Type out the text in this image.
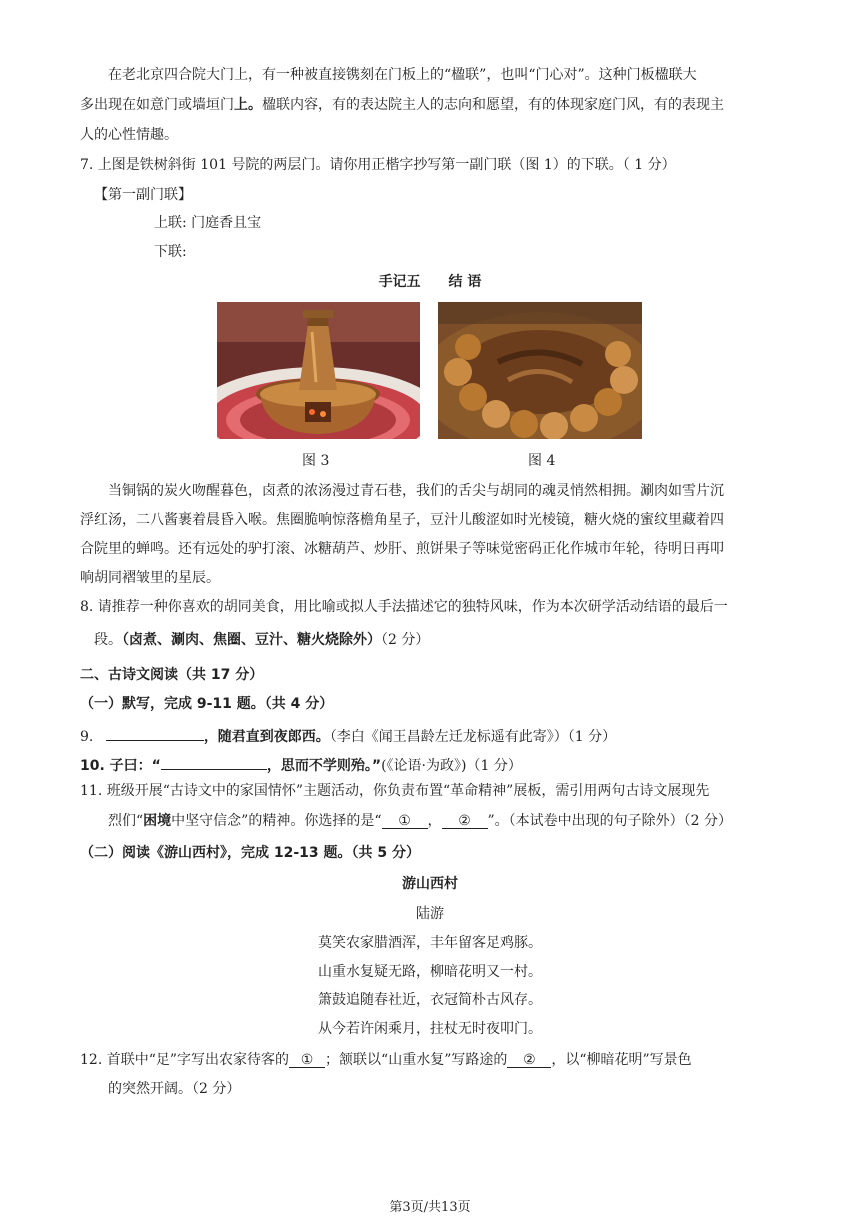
在老北京四合院大门上，有一种被直接镌刻在门板上的“楹联”，也叫“门心对”。这种门板楹联大
多出现在如意门或墙垣门上。楹联内容，有的表达院主人的志向和愿望，有的体现家庭门风，有的表现主
人的心性情趣。
7. 上图是铁树斜街 101 号院的两层门。请你用正楷字抄写第一副门联（图 1）的下联。（ 1 分）
【第一副门联】
上联: 门庭香且宝
下联:
手记五　　结 语
图 3	图 4
当铜锅的炭火吻醒暮色，卤煮的浓汤漫过青石巷，我们的舌尖与胡同的魂灵悄然相拥。涮肉如雪片沉
浮红汤，二八酱裹着晨昏入喉。焦圈脆响惊落檐角星子，豆汁儿酸涩如时光棱镜，糖火烧的蜜纹里藏着四
合院里的蝉鸣。还有远处的驴打滚、冰糖葫芦、炒肝、煎饼果子等味觉密码正化作城市年轮，待明日再叩
响胡同褶皱里的星辰。
8. 请推荐一种你喜欢的胡同美食，用比喻或拟人手法描述它的独特风味，作为本次研学活动结语的最后一
段。（卤煮、涮肉、焦圈、豆汁、糖火烧除外）（2 分）
二、古诗文阅读（共 17 分）
（一）默写，完成 9-11 题。（共 4 分）
9.	，随君直到夜郎西。（李白《闻王昌龄左迁龙标遥有此寄》）（1 分）
10. 子曰：“	，思而不学则殆。”(《论语·为政》)（1 分）
11. 班级开展“古诗文中的家国情怀”主题活动，你负责布置“革命精神”展板，需引用两句古诗文展现先
烈们“困境中坚守信念”的精神。你选择的是“ ① ， ② ”。（本试卷中出现的句子除外）（2 分）
（二）阅读《游山西村》，完成 12-13 题。（共 5 分）
游山西村
陆游
莫笑农家腊酒浑，丰年留客足鸡豚。
山重水复疑无路，柳暗花明又一村。
箫鼓追随春社近，衣冠简朴古风存。
从今若许闲乘月，拄杖无时夜叩门。
12. 首联中“足”字写出农家待客的 ① ；颔联以“山重水复”写路途的 ② ，以“柳暗花明”写景色
的突然开阔。（2 分）
第3页/共13页
